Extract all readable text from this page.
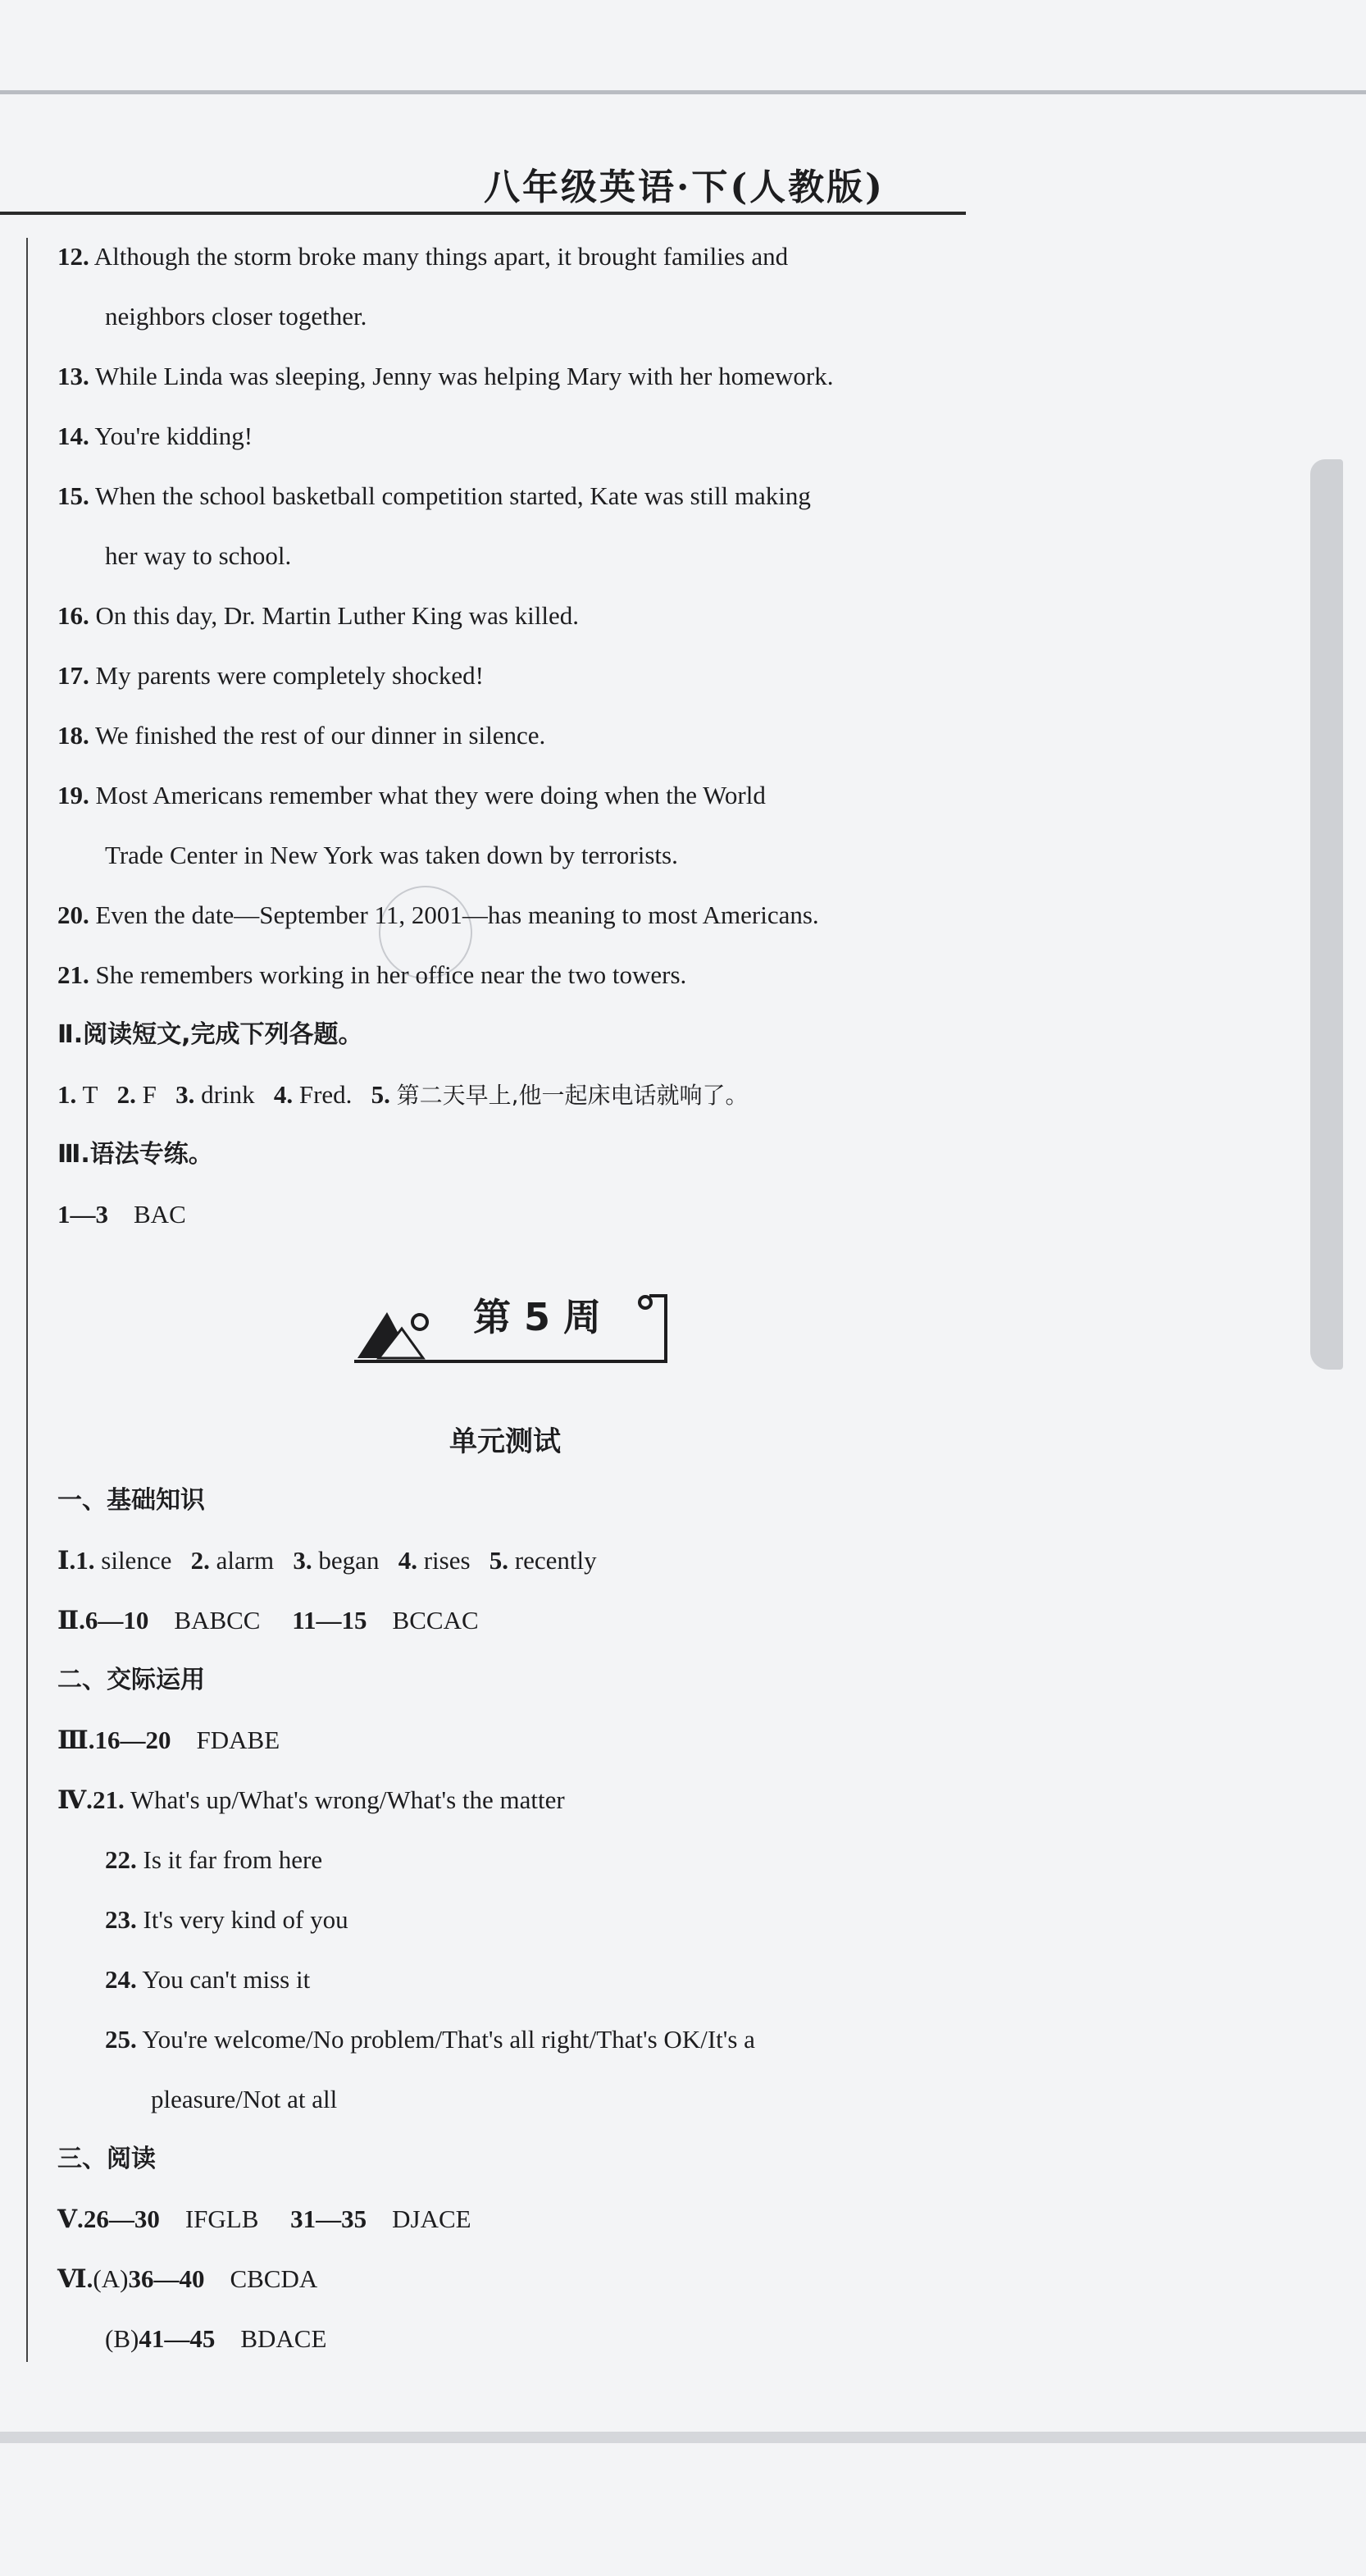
八年级英语·下(人教版)
12. Although the storm broke many things apart, it brought families and
neighbors closer together.
13. While Linda was sleeping, Jenny was helping Mary with her homework.
14. You're kidding!
15. When the school basketball competition started, Kate was still making
her way to school.
16. On this day, Dr. Martin Luther King was killed.
17. My parents were completely shocked!
18. We finished the rest of our dinner in silence.
19. Most Americans remember what they were doing when the World
Trade Center in New York was taken down by terrorists.
20. Even the date—September 11, 2001—has meaning to most Americans.
21. She remembers working in her office near the two towers.
Ⅱ.阅读短文,完成下列各题。
1. T 2. F 3. drink 4. Fred. 5. 第二天早上,他一起床电话就响了。
Ⅲ.语法专练。
1—3 BAC
第 5 周
单元测试
一、基础知识
Ⅰ.1. silence 2. alarm 3. began 4. rises 5. recently
Ⅱ.6—10 BABCC 11—15 BCCAC
二、交际运用
Ⅲ.16—20 FDABE
Ⅳ.21. What's up/What's wrong/What's the matter
22. Is it far from here
23. It's very kind of you
24. You can't miss it
25. You're welcome/No problem/That's all right/That's OK/It's a
pleasure/Not at all
三、阅读
Ⅴ.26—30 IFGLB 31—35 DJACE
Ⅵ.(A)36—40 CBCDA
(B)41—45 BDACE
